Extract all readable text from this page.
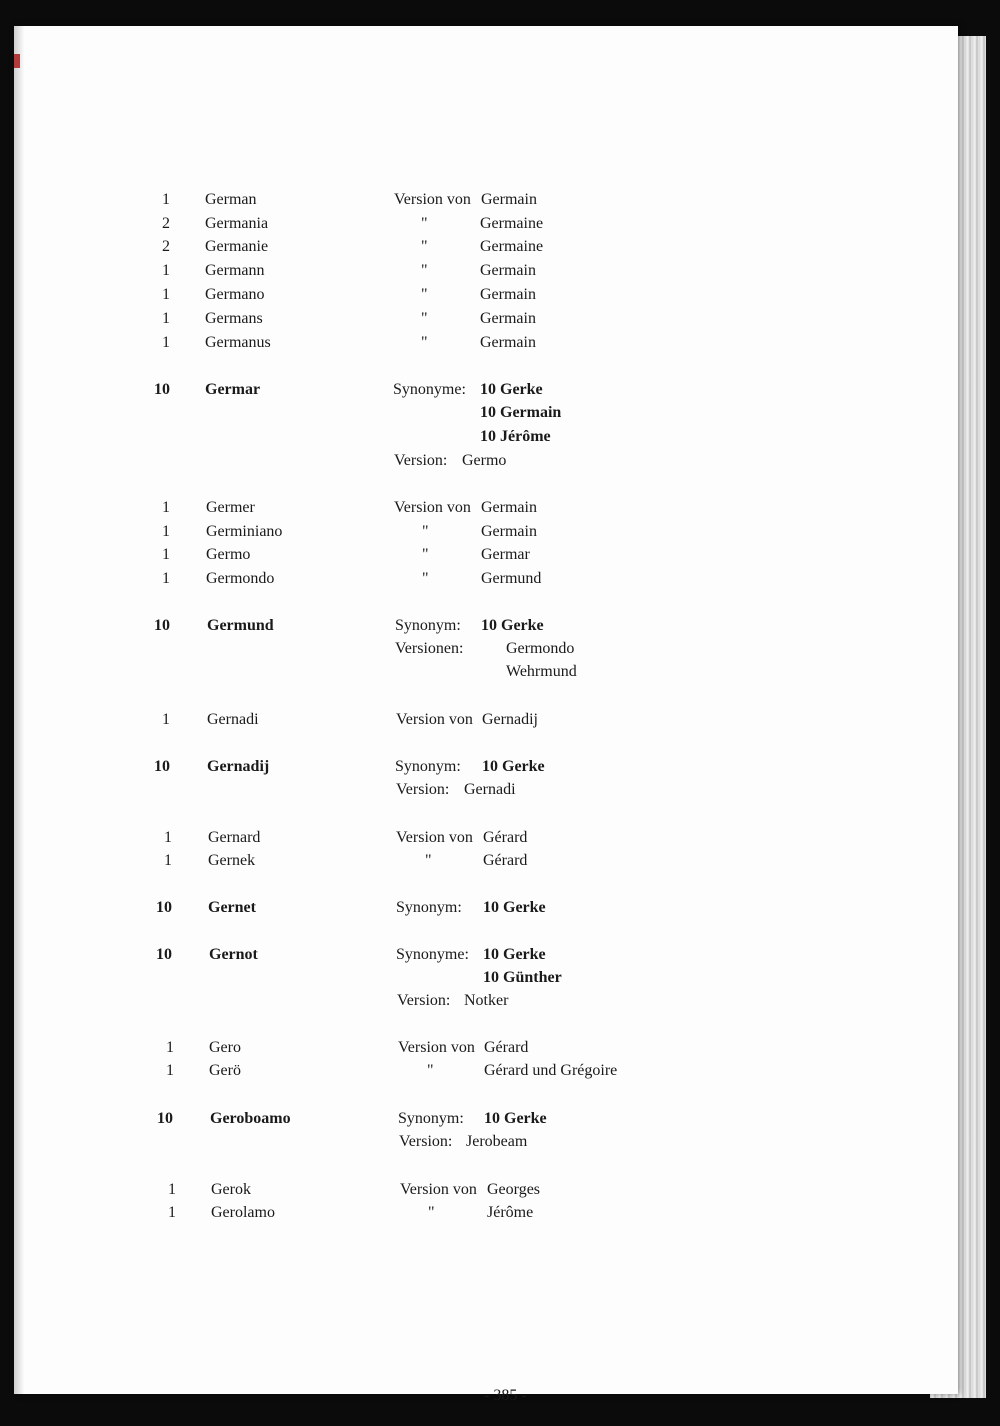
1	German	Version von Germain
2	Germania	"	Germaine
2	Germanie	"	Germaine
1	Germann	"	Germain
1	Germano	"	Germain
1	Germans	"	Germain
1	Germanus	"	Germain
10	Germar	Synonyme: 10 Gerke
10 Germain
10 Jérôme
Version: Germo
1	Germer	Version von Germain
1	Germiniano	"	Germain
1	Germo	"	Germar
1	Germondo	"	Germund
10	Germund	Synonym: 10 Gerke
Versionen:	Germondo
Wehrmund
1	Gernadi	Version von Gernadij
10	Gernadij	Synonym: 10 Gerke
Version: Gernadi
1	Gernard	Version von Gérard
1	Gernek	"	Gérard
10	Gernet	Synonym: 10 Gerke
10	Gernot	Synonyme: 10 Gerke
10 Günther
Version: Notker
1	Gero	Version von Gérard
1	Gerö	"	Gérard und Grégoire
10	Geroboamo	Synonym: 10 Gerke
Version: Jerobeam
1	Gerok	Version von Georges
1	Gerolamo	"	Jérôme
- 385 -
